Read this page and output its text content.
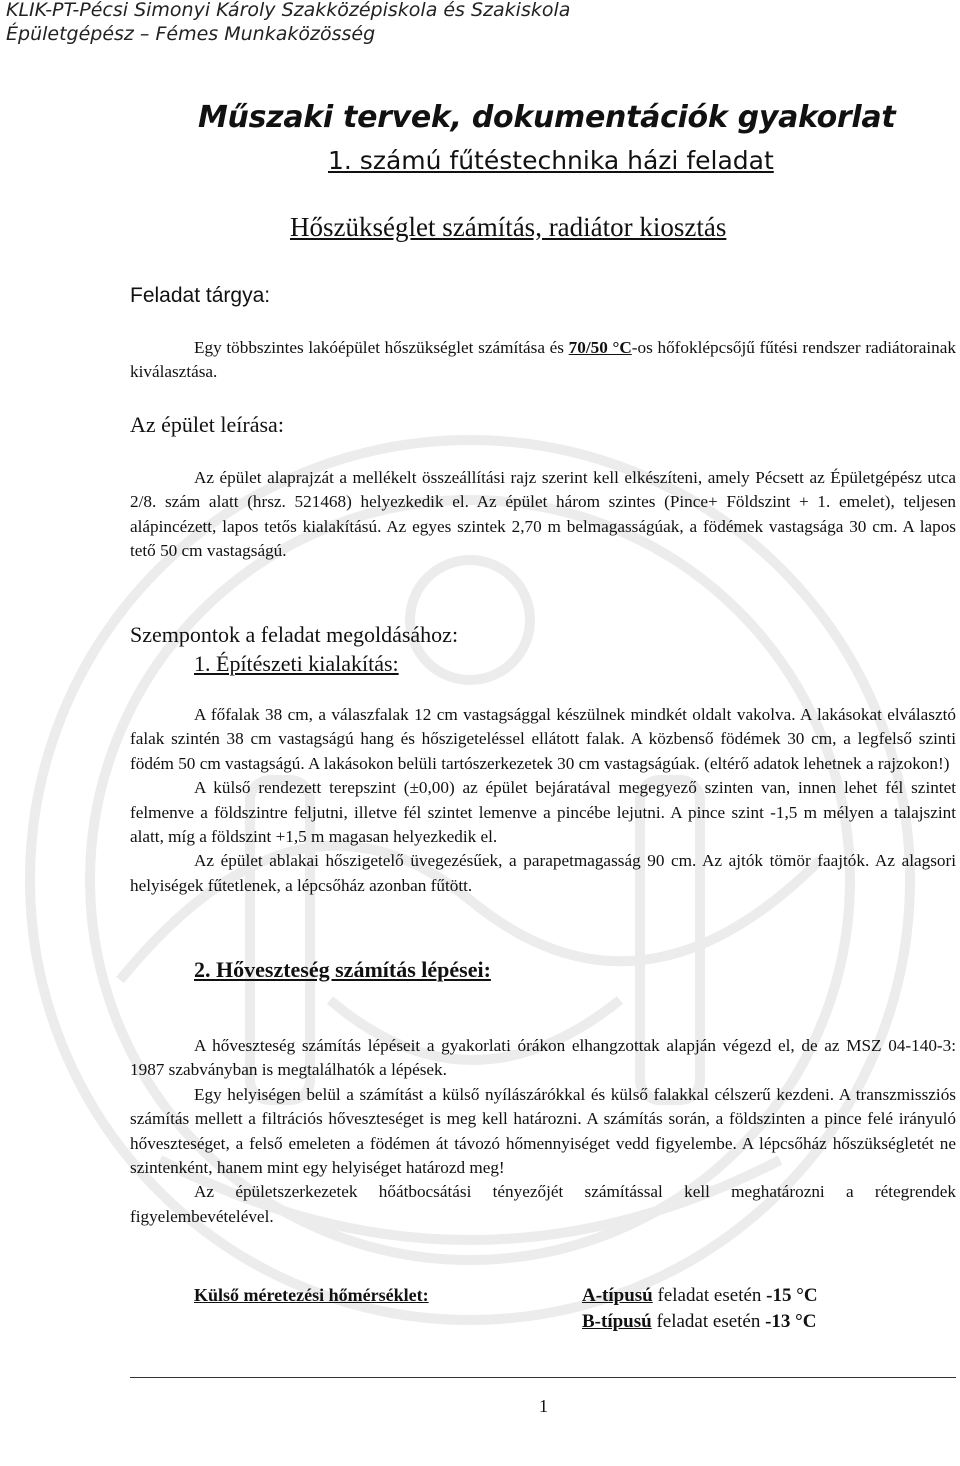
KLIK-PT-Pécsi Simonyi Károly Szakközépiskola és Szakiskola
Épületgépész – Fémes Munkaközösség
Műszaki tervek, dokumentációk gyakorlat
1. számú fűtéstechnika házi feladat
Hőszükséglet számítás, radiátor kiosztás
Feladat tárgya:
Egy többszintes lakóépület hőszükséglet számítása és 70/50 °C-os hőfoklépcsőjű fűtési rendszer radiátorainak kiválasztása.
Az épület leírása:
Az épület alaprajzát a mellékelt összeállítási rajz szerint kell elkészíteni, amely Pécsett az Épületgépész utca 2/8. szám alatt (hrsz. 521468) helyezkedik el. Az épület három szintes (Pince+ Földszint + 1. emelet), teljesen alápincézett, lapos tetős kialakítású. Az egyes szintek 2,70 m belmagasságúak, a födémek vastagsága 30 cm. A lapos tető 50 cm vastagságú.
Szempontok a feladat megoldásához:
1. Építészeti kialakítás:
A főfalak 38 cm, a válaszfalak 12 cm vastagsággal készülnek mindkét oldalt vakolva. A lakásokat elválasztó falak szintén 38 cm vastagságú hang és hőszigeteléssel ellátott falak. A közbenső födémek 30 cm, a legfelső szinti födém 50 cm vastagságú. A lakásokon belüli tartószerkezetek 30 cm vastagságúak. (eltérő adatok lehetnek a rajzokon!)
A külső rendezett terepszint (±0,00) az épület bejáratával megegyező szinten van, innen lehet fél szintet felmenve a földszintre feljutni, illetve fél szintet lemenve a pincébe lejutni. A pince szint -1,5 m mélyen a talajszint alatt, míg a földszint +1,5 m magasan helyezkedik el.
Az épület ablakai hőszigetelő üvegezésűek, a parapetmagasság 90 cm. Az ajtók tömör faajtók. Az alagsori helyiségek fűtetlenek, a lépcsőház azonban fűtött.
2. Hőveszteség számítás lépései:
A hőveszteség számítás lépéseit a gyakorlati órákon elhangzottak alapján végezd el, de az MSZ 04-140-3: 1987 szabványban is megtalálhatók a lépések.
Egy helyiségen belül a számítást a külső nyílászárókkal és külső falakkal célszerű kezdeni. A transzmissziós számítás mellett a filtrációs hőveszteséget is meg kell határozni. A számítás során, a földszinten a pince felé irányuló hőveszteséget, a felső emeleten a födémen át távozó hőmennyiséget vedd figyelembe. A lépcsőház hőszükségletét ne szintenként, hanem mint egy helyiséget határozd meg!
Az épületszerkezetek hőátbocsátási tényezőjét számítással kell meghatározni a rétegrendek figyelembevételével.
Külső méretezési hőmérséklet:	A-típusú feladat esetén -15 °C
B-típusú feladat esetén -13 °C
1
